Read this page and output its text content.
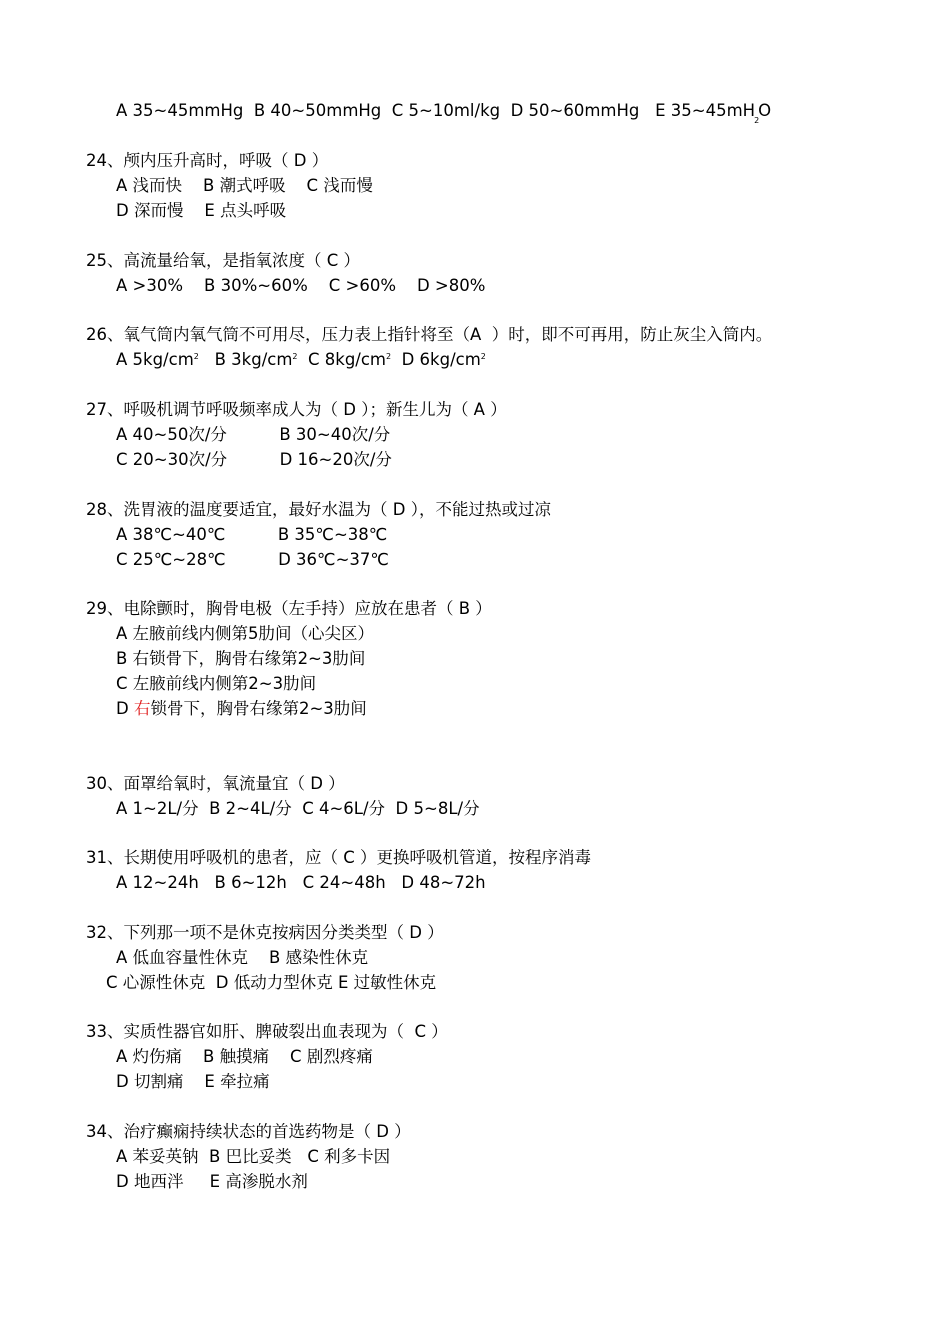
A 35~45mmHg  B 40~50mmHg  C 5~10ml/kg  D 50~60mmHg   E $35\sim 45mH_2O$
24、颅内压升高时，呼吸（ D ）
A 浅而快    B 潮式呼吸    C 浅而慢
D 深而慢    E 点头呼吸
25、高流量给氧，是指氧浓度（ C ）
A >30%    B 30%~60%    C >60%    D >80%
26、氧气筒内氧气筒不可用尽，压力表上指针将至（A  ）时，即不可再用，防止灰尘入筒内。
A $5kg/cm^2$ B $3kg/cm^2$ C $8kg/cm^2$ D $6kg/cm^2$
27、呼吸机调节呼吸频率成人为（ D ）；新生儿为（ A ）
A 40~50次/分          B 30~40次/分
C 20~30次/分          D 16~20次/分
28、洗胃液的温度要适宜，最好水温为（ D ），不能过热或过凉
A 38℃~40℃          B 35℃~38℃
C 25℃~28℃          D 36℃~37℃
29、电除颤时，胸骨电极（左手持）应放在患者（ B ）
A 左腋前线内侧第5肋间（心尖区）
B 右锁骨下，胸骨右缘第2~3肋间
C 左腋前线内侧第2~3肋间
D 右锁骨下，胸骨右缘第2~3肋间
30、面罩给氧时，氧流量宜（ D ）
A 1~2L/分  B 2~4L/分  C 4~6L/分  D 5~8L/分
31、长期使用呼吸机的患者，应（ C ）更换呼吸机管道，按程序消毒
A 12~24h   B 6~12h   C 24~48h   D 48~72h
32、下列那一项不是休克按病因分类类型（ D ）
A 低血容量性休克    B 感染性休克
C 心源性休克  D 低动力型休克 E 过敏性休克
33、实质性器官如肝、脾破裂出血表现为（  C ）
A 灼伤痛    B 触摸痛    C 剧烈疼痛
D 切割痛    E 牵拉痛
34、治疗癫痫持续状态的首选药物是（ D ）
A 苯妥英钠  B 巴比妥类   C 利多卡因
D 地西泮     E 高渗脱水剂
